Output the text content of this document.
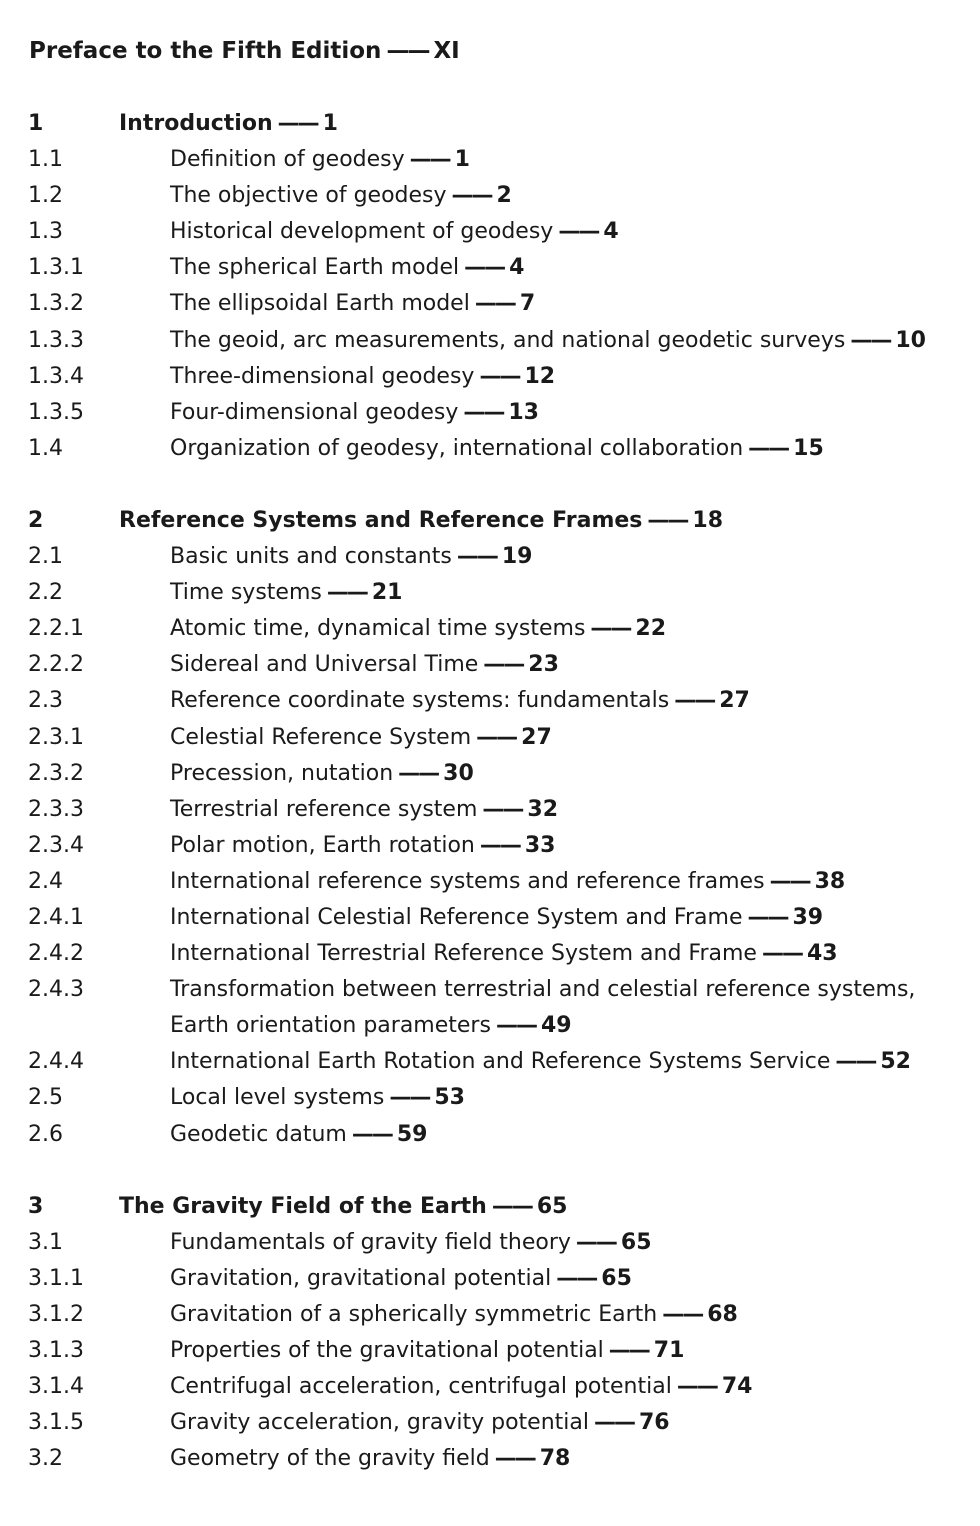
Preface to the Fifth Edition —— XI
1	Introduction —— 1
1.1	Definition of geodesy —— 1
1.2	The objective of geodesy —— 2
1.3	Historical development of geodesy —— 4
1.3.1	The spherical Earth model —— 4
1.3.2	The ellipsoidal Earth model —— 7
1.3.3	The geoid, arc measurements, and national geodetic surveys —— 10
1.3.4	Three-dimensional geodesy —— 12
1.3.5	Four-dimensional geodesy —— 13
1.4	Organization of geodesy, international collaboration —— 15
2	Reference Systems and Reference Frames —— 18
2.1	Basic units and constants —— 19
2.2	Time systems —— 21
2.2.1	Atomic time, dynamical time systems —— 22
2.2.2	Sidereal and Universal Time —— 23
2.3	Reference coordinate systems: fundamentals —— 27
2.3.1	Celestial Reference System —— 27
2.3.2	Precession, nutation —— 30
2.3.3	Terrestrial reference system —— 32
2.3.4	Polar motion, Earth rotation —— 33
2.4	International reference systems and reference frames —— 38
2.4.1	International Celestial Reference System and Frame —— 39
2.4.2	International Terrestrial Reference System and Frame —— 43
2.4.3	Transformation between terrestrial and celestial reference systems, Earth orientation parameters —— 49
2.4.4	International Earth Rotation and Reference Systems Service —— 52
2.5	Local level systems —— 53
2.6	Geodetic datum —— 59
3	The Gravity Field of the Earth —— 65
3.1	Fundamentals of gravity field theory —— 65
3.1.1	Gravitation, gravitational potential —— 65
3.1.2	Gravitation of a spherically symmetric Earth —— 68
3.1.3	Properties of the gravitational potential —— 71
3.1.4	Centrifugal acceleration, centrifugal potential —— 74
3.1.5	Gravity acceleration, gravity potential —— 76
3.2	Geometry of the gravity field —— 78
